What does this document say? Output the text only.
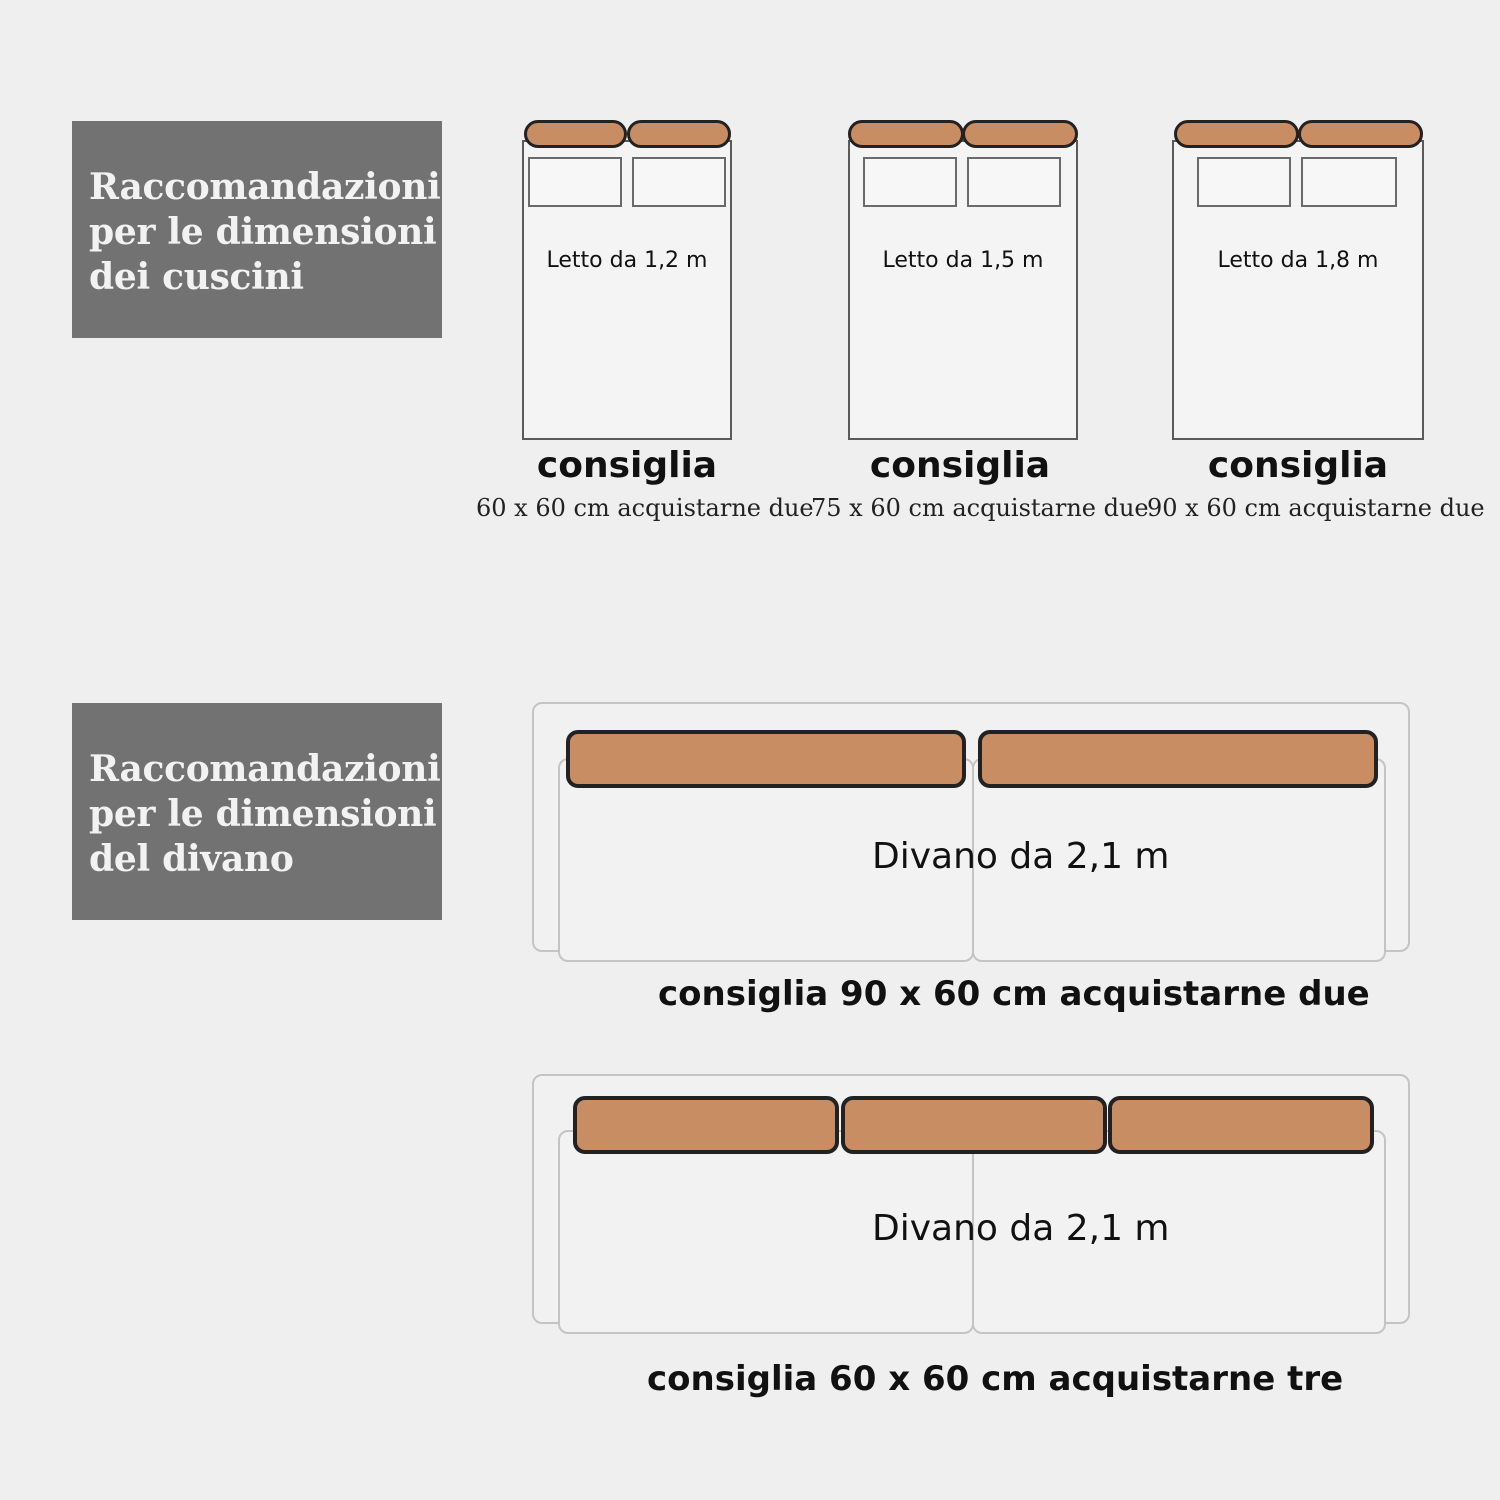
Raccomandazioni

per le dimensioni

dei cuscini	Letto da 1,2 m
consiglia
60 x 60 cm acquistarne due
Letto da 1,5 m
consiglia
75 x 60 cm acquistarne due
Letto da 1,8 m
consiglia
90 x 60 cm acquistarne due

Raccomandazioni

per le dimensioni

del divano	Divano da 2,1 m
consiglia 90 x 60 cm acquistarne due
Divano da 2,1 m
consiglia 60 x 60 cm acquistarne tre
